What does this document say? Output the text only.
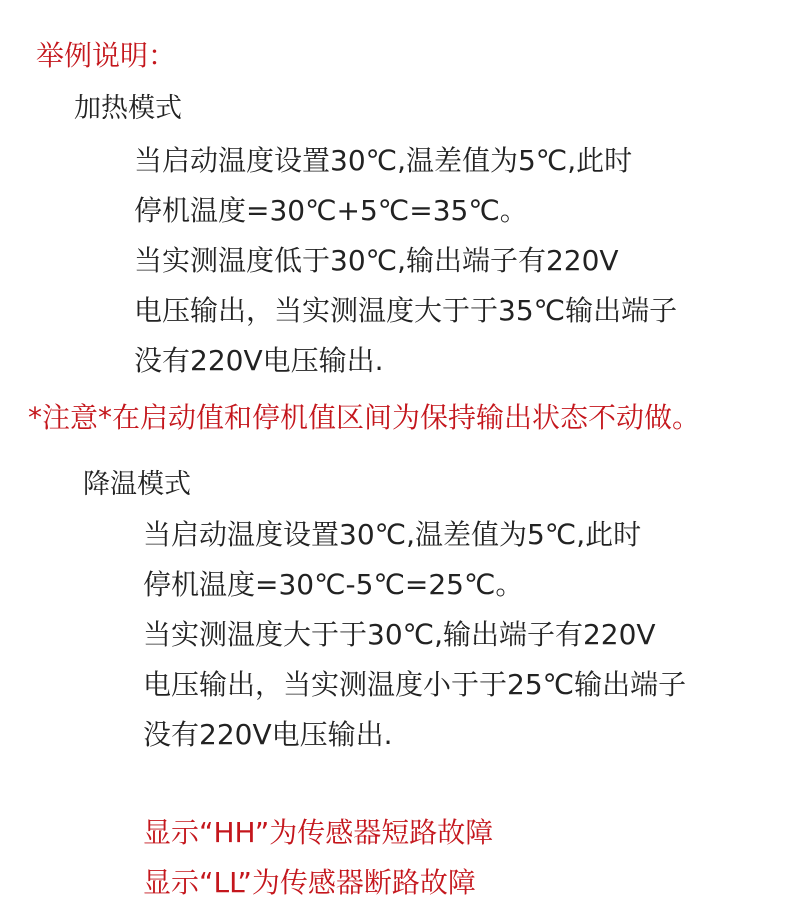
举例说明：
加热模式
当启动温度设置30℃,温差值为5℃,此时
停机温度=30℃+5℃=35℃。
当实测温度低于30℃,输出端子有220V
电压输出，当实测温度大于于35℃输出端子
没有220V电压输出.
*注意*在启动值和停机值区间为保持输出状态不动做。
降温模式
当启动温度设置30℃,温差值为5℃,此时
停机温度=30℃-5℃=25℃。
当实测温度大于于30℃,输出端子有220V
电压输出，当实测温度小于于25℃输出端子
没有220V电压输出.
显示“HH”为传感器短路故障
显示“LL”为传感器断路故障
